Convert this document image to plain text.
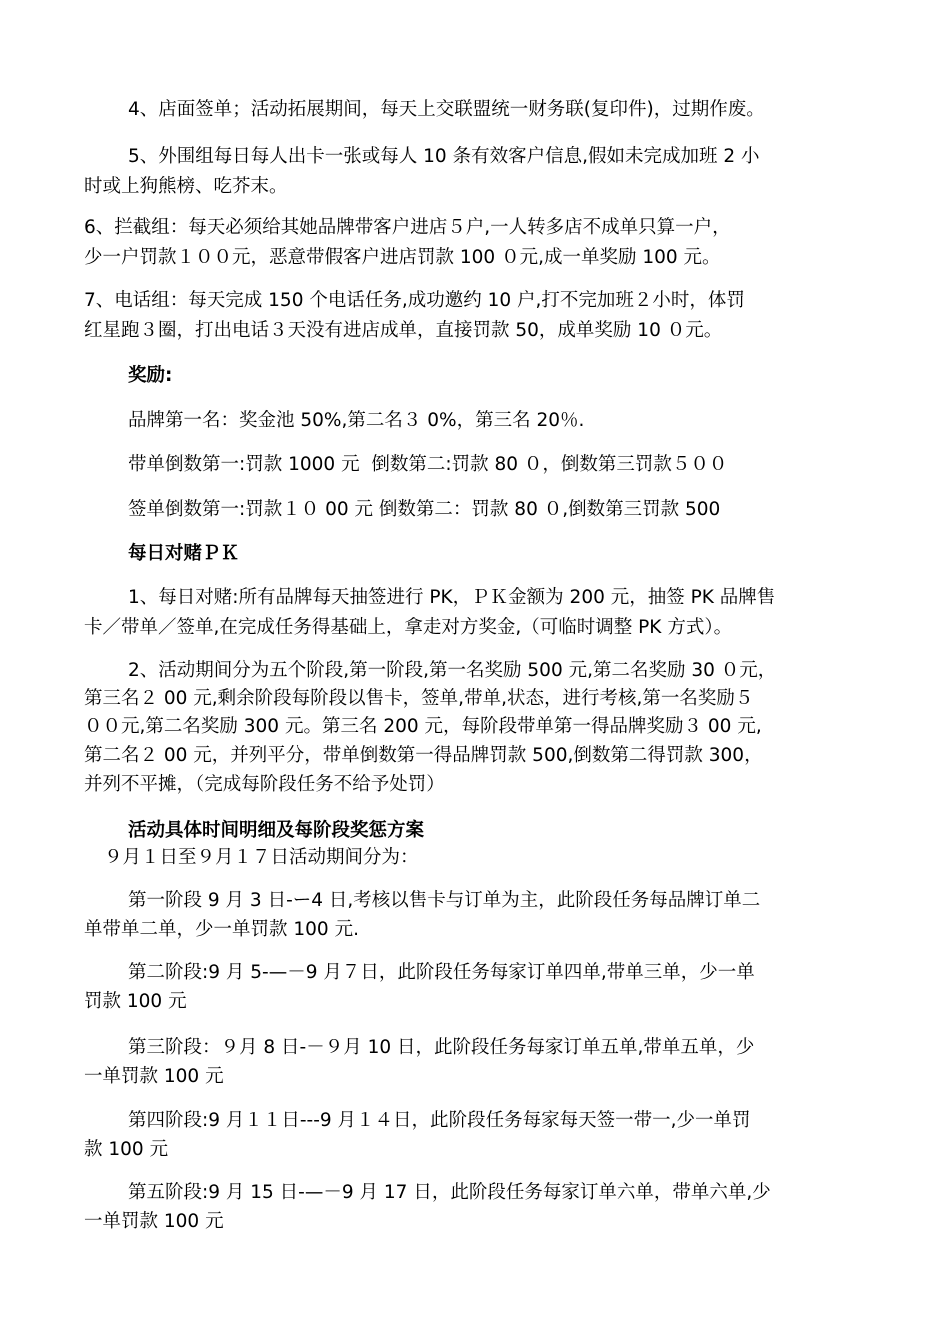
4、店面签单；活动拓展期间，每天上交联盟统一财务联(复印件)，过期作废。
5、外围组每日每人出卡一张或每人 10 条有效客户信息,假如未完成加班 2 小
时或上狗熊榜、吃芥末。
6、拦截组：每天必须给其她品牌带客户进店５户,一人转多店不成单只算一户，
少一户罚款１００元，恶意带假客户进店罚款 100 ０元,成一单奖励 100 元。
7、电话组：每天完成 150 个电话任务,成功邀约 10 户,打不完加班２小时，体罚
红星跑３圈，打出电话３天没有进店成单，直接罚款 50，成单奖励 10 ０元。
奖励:
品牌第一名：奖金池 50%,第二名３ 0%，第三名 20％.
带单倒数第一:罚款 1000 元  倒数第二:罚款 80 ０，倒数第三罚款５００
签单倒数第一:罚款１０ 00 元 倒数第二：罚款 80 ０,倒数第三罚款 500
每日对赌ＰＫ
1、每日对赌:所有品牌每天抽签进行 PK，ＰＫ金额为 200 元，抽签 PK 品牌售
卡／带单／签单,在完成任务得基础上，拿走对方奖金,（可临时调整 PK 方式）。
2、活动期间分为五个阶段,第一阶段,第一名奖励 500 元,第二名奖励 30 ０元，
第三名２ 00 元,剩余阶段每阶段以售卡，签单,带单,状态，进行考核,第一名奖励５
００元,第二名奖励 300 元。第三名 200 元，每阶段带单第一得品牌奖励３ 00 元,
第二名２ 00 元，并列平分，带单倒数第一得品牌罚款 500,倒数第二得罚款 300，
并列不平摊，（完成每阶段任务不给予处罚）
活动具体时间明细及每阶段奖惩方案
９月１日至９月１７日活动期间分为：
第一阶段 9 月 3 日-ー4 日,考核以售卡与订单为主，此阶段任务每品牌订单二
单带单二单，少一单罚款 100 元.
第二阶段:9 月 5-—－9 月７日，此阶段任务每家订单四单,带单三单，少一单
罚款 100 元
第三阶段：９月 8 日-－９月 10 日，此阶段任务每家订单五单,带单五单，少
一单罚款 100 元
第四阶段:9 月１１日---9 月１４日，此阶段任务每家每天签一带一,少一单罚
款 100 元
第五阶段:9 月 15 日-—－9 月 17 日，此阶段任务每家订单六单，带单六单,少
一单罚款 100 元
